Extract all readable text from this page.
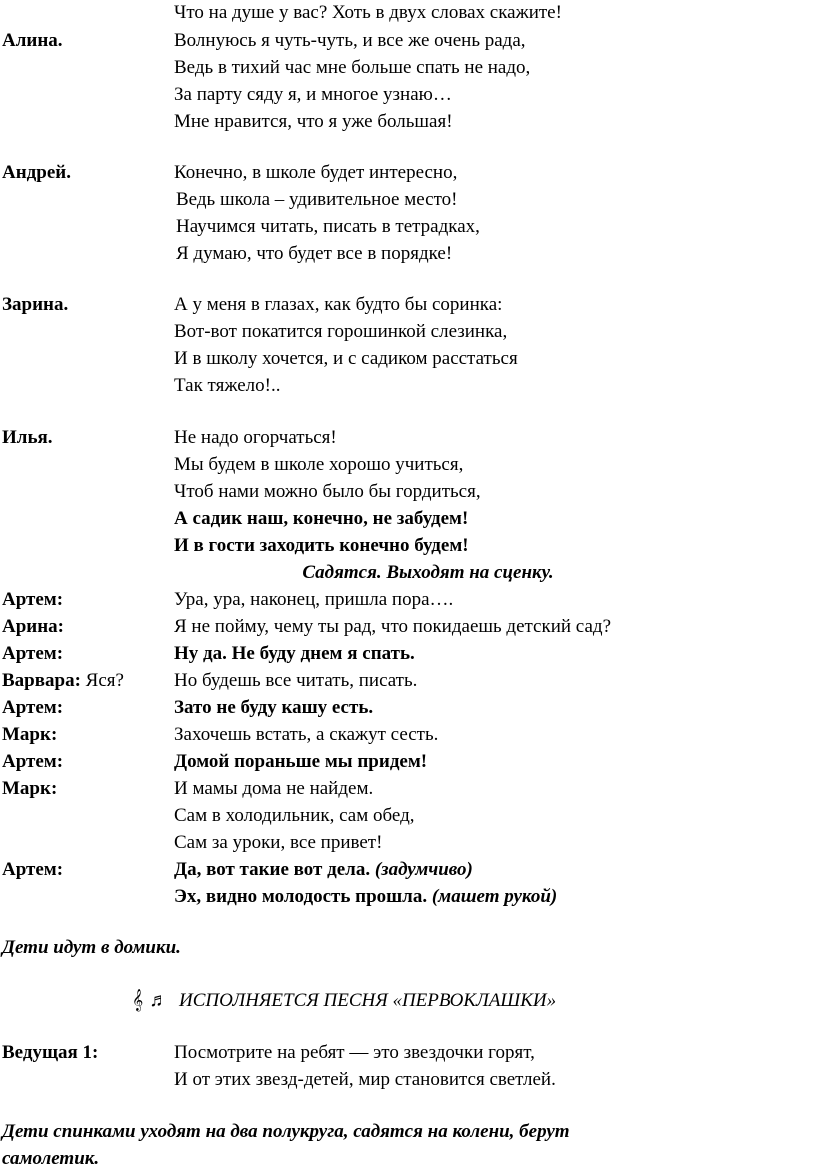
Что на душе у вас? Хоть в двух словах скажите!
Алина.	Волнуюсь я чуть-чуть, и все же очень рада,
Ведь в тихий час мне больше спать не надо,
За парту сяду я, и многое узнаю…
Мне нравится, что я уже большая!
Андрей.	Конечно, в школе будет интересно,
Ведь школа – удивительное место!
Научимся читать, писать в тетрадках,
Я думаю, что будет все в порядке!
Зарина.	А у меня в глазах, как будто бы соринка:
Вот-вот покатится горошинкой слезинка,
И в школу хочется, и с садиком расстаться
Так тяжело!..
Илья.	Не надо огорчаться!
Мы будем в школе хорошо учиться,
Чтоб нами можно было бы гордиться,
А садик наш, конечно, не забудем!
И в гости заходить конечно будем!
Садятся. Выходят на сценку.
Артем:	Ура, ура, наконец, пришла пора….
Арина:	Я не пойму, чему ты рад, что покидаешь детский сад?
Артем:	Ну да. Не буду днем я спать.
Варвара: Яся?	Но будешь все читать, писать.
Артем:	Зато не буду кашу есть.
Марк:	Захочешь встать, а скажут сесть.
Артем:	Домой пораньше мы придем!
Марк:	И мамы дома не найдем.
Сам в холодильник, сам обед,
Сам за уроки, все привет!
Артем:	Да, вот такие вот дела. (задумчиво)
Эх, видно молодость прошла. (машет рукой)
Дети идут в домики.
𝄞 ♬ ИСПОЛНЯЕТСЯ ПЕСНЯ «ПЕРВОКЛАШКИ»
Ведущая 1:	Посмотрите на ребят — это звездочки горят,
И от этих звезд-детей, мир становится светлей.
Дети спинками уходят на два полукруга, садятся на колени, берут
самолетик.
